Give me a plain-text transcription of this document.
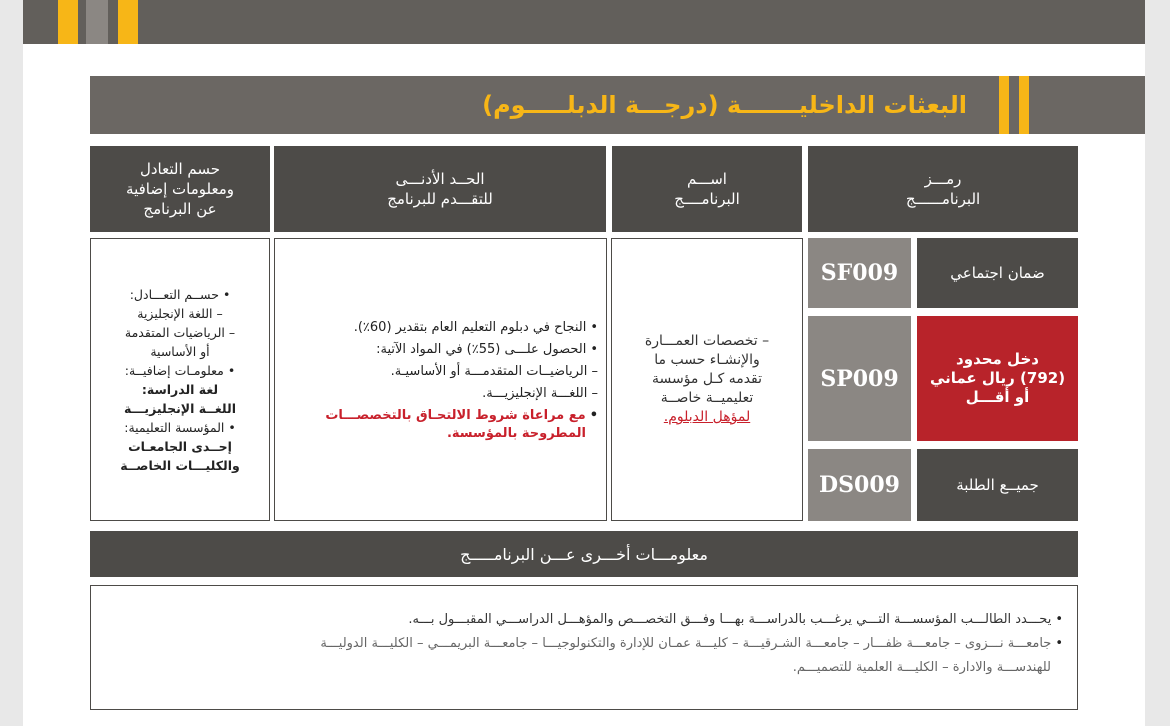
البعثات الداخليـــــــة (درجـــة الدبلـــــوم)
رمـــز
البرنامــــــج
اســـم
البرنامــــج
الحــد الأدنـــى
للتقـــدم للبرنامج
حسم التعادل
ومعلومات إضافية
عن البرنامج
ضمان اجتماعي
SF009
دخل محدود
(792) ريال عماني
أو أقـــل
SP009
جميــع الطلبة
DS009
– تخصصات العمـــارة
والإنشـاء حسب ما
تقدمه كـل مؤسسة
تعليميــة خاصــة
لمؤهل الدبلوم.
• النجاح في دبلوم التعليم العام بتقدير (60٪).
• الحصول علـــى (55٪) في المواد الآتية:
– الرياضيــات المتقدمـــة أو الأساسيـة.
– اللغـــة الإنجليزيـــة.
• مع مراعاة شروط الالتحـاق بالتخصصـــات
المطروحة بالمؤسسة.
• حســم التعـــادل:
– اللغة الإنجليزية
– الرياضيات المتقدمة
أو الأساسية
• معلومـات إضافيــة:
لغة الدراسة:
اللغــة الإنجليزيـــة
• المؤسسة التعليمية:
إحــدى الجامعـات
والكليـــات الخاصــة
معلومـــات أخـــرى عـــن البرنامـــــج
• يحـــدد الطالـــب المؤسســـة التـــي يرغـــب بالدراســـة بهـــا وفـــق التخصـــص والمؤهـــل الدراســـي المقبـــول بـــه.
• جامعـــة نـــزوى – جامعـــة ظفـــار – جامعـــة الشـرقيـــة – كليـــة عمـان للإدارة والتكنولوجيـــا – جامعـــة البريمـــي – الكليـــة الدوليـــة
للهندســـة والادارة – الكليـــة العلمية للتصميـــم.
